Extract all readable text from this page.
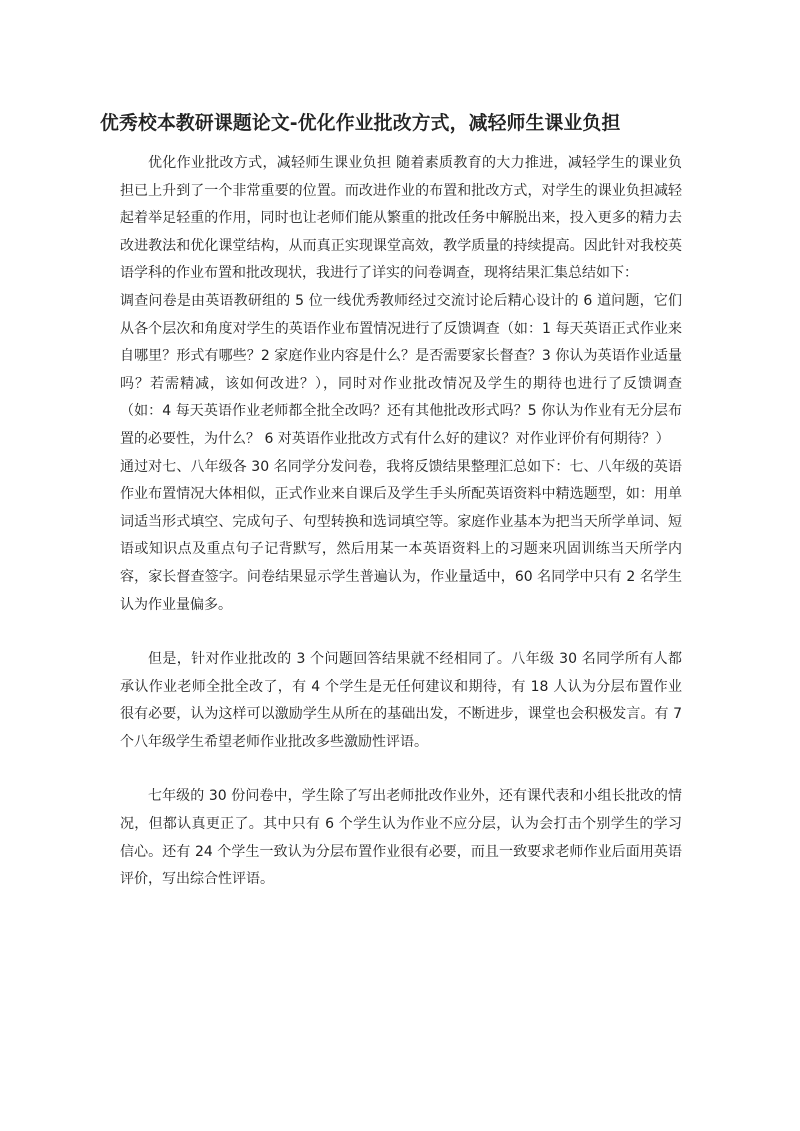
优秀校本教研课题论文-优化作业批改方式，减轻师生课业负担

优化作业批改方式，减轻师生课业负担 随着素质教育的大力推进，减轻学生的课业负担已上升到了一个非常重要的位置。而改进作业的布置和批改方式，对学生的课业负担减轻起着举足轻重的作用，同时也让老师们能从繁重的批改任务中解脱出来，投入更多的精力去改进教法和优化课堂结构，从而真正实现课堂高效，教学质量的持续提高。因此针对我校英语学科的作业布置和批改现状，我进行了详实的问卷调查，现将结果汇集总结如下：

调查问卷是由英语教研组的 5 位一线优秀教师经过交流讨论后精心设计的 6 道问题，它们从各个层次和角度对学生的英语作业布置情况进行了反馈调查（如：1 每天英语正式作业来自哪里？形式有哪些？2 家庭作业内容是什么？是否需要家长督查？3 你认为英语作业适量吗？若需精减，该如何改进？），同时对作业批改情况及学生的期待也进行了反馈调查（如：4 每天英语作业老师都全批全改吗？还有其他批改形式吗？5 你认为作业有无分层布置的必要性，为什么？ 6 对英语作业批改方式有什么好的建议？对作业评价有何期待？）

通过对七、八年级各 30 名同学分发问卷，我将反馈结果整理汇总如下：七、八年级的英语作业布置情况大体相似，正式作业来自课后及学生手头所配英语资料中精选题型，如：用单词适当形式填空、完成句子、句型转换和选词填空等。家庭作业基本为把当天所学单词、短语或知识点及重点句子记背默写，然后用某一本英语资料上的习题来巩固训练当天所学内容，家长督查签字。问卷结果显示学生普遍认为，作业量适中，60 名同学中只有 2 名学生认为作业量偏多。

但是，针对作业批改的 3 个问题回答结果就不经相同了。八年级 30 名同学所有人都承认作业老师全批全改了，有 4 个学生是无任何建议和期待，有 18 人认为分层布置作业很有必要，认为这样可以激励学生从所在的基础出发，不断进步，课堂也会积极发言。有 7 个八年级学生希望老师作业批改多些激励性评语。

七年级的 30 份问卷中，学生除了写出老师批改作业外，还有课代表和小组长批改的情况，但都认真更正了。其中只有 6 个学生认为作业不应分层，认为会打击个别学生的学习信心。还有 24 个学生一致认为分层布置作业很有必要，而且一致要求老师作业后面用英语评价，写出综合性评语。
